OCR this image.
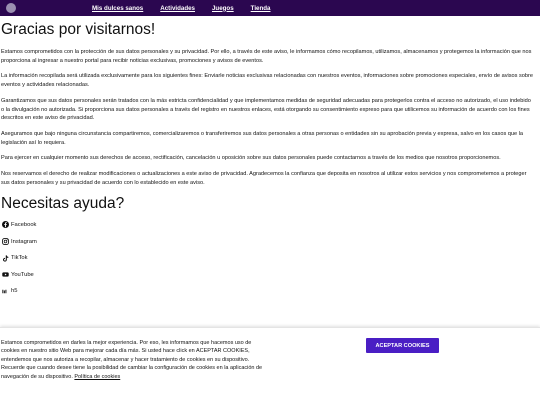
Mis dulces sanos	Actividades	Juegos	Tienda
Gracias por visitarnos!

Estamos comprometidos con la protección de sus datos personales y su privacidad. Por ello, a través de este aviso, le informamos cómo recopilamos, utilizamos, almacenamos y protegemos la información que nos proporciona al ingresar a nuestro portal para recibir noticias exclusivas, promociones y avisos de eventos.

La información recopilada será utilizada exclusivamente para los siguientes fines: Enviarle noticias exclusivas relacionadas con nuestros eventos, informaciones sobre promociones especiales, envío de avisos sobre eventos y actividades relacionadas.

Garantizamos que sus datos personales serán tratados con la más estricta confidencialidad y que implementamos medidas de seguridad adecuadas para protegerlos contra el acceso no autorizado, el uso indebido o la divulgación no autorizada. Si proporciona sus datos personales a través del registro en nuestros enlaces, está otorgando su consentimiento expreso para que utilicemos su información de acuerdo con los fines descritos en este aviso de privacidad.

Aseguramos que bajo ninguna circunstancia compartiremos, comercializaremos o transferiremos sus datos personales a otras personas o entidades sin su aprobación previa y expresa, salvo en los casos que la legislación así lo requiera.

Para ejercer en cualquier momento sus derechos de acceso, rectificación, cancelación u oposición sobre sus datos personales puede contactarnos a través de los medios que nosotros proporcionemos.

Nos reservamos el derecho de realizar modificaciones o actualizaciones a este aviso de privacidad. Agradecemos la confianza que deposita en nosotros al utilizar estos servicios y nos comprometemos a proteger sus datos personales y su privacidad de acuerdo con lo establecido en este aviso.

Necesitas ayuda?
Facebook
Instagram
TikTok
YouTube
h5
Estamos comprometidos en darles la mejor experiencia. Por eso, les informamos que hacemos uso de cookies en nuestro sitio Web para mejorar cada día más. Si usted hace click en ACEPTAR COOKIES, entendemos que nos autoriza a recopilar, almacenar y hacer tratamiento de cookies en su dispositivo. Recuerde que cuando desee tiene la posibilidad de cambiar la configuración de cookies en la aplicación de navegación de su dispositivo. Política de cookies
ACEPTAR COOKIES
